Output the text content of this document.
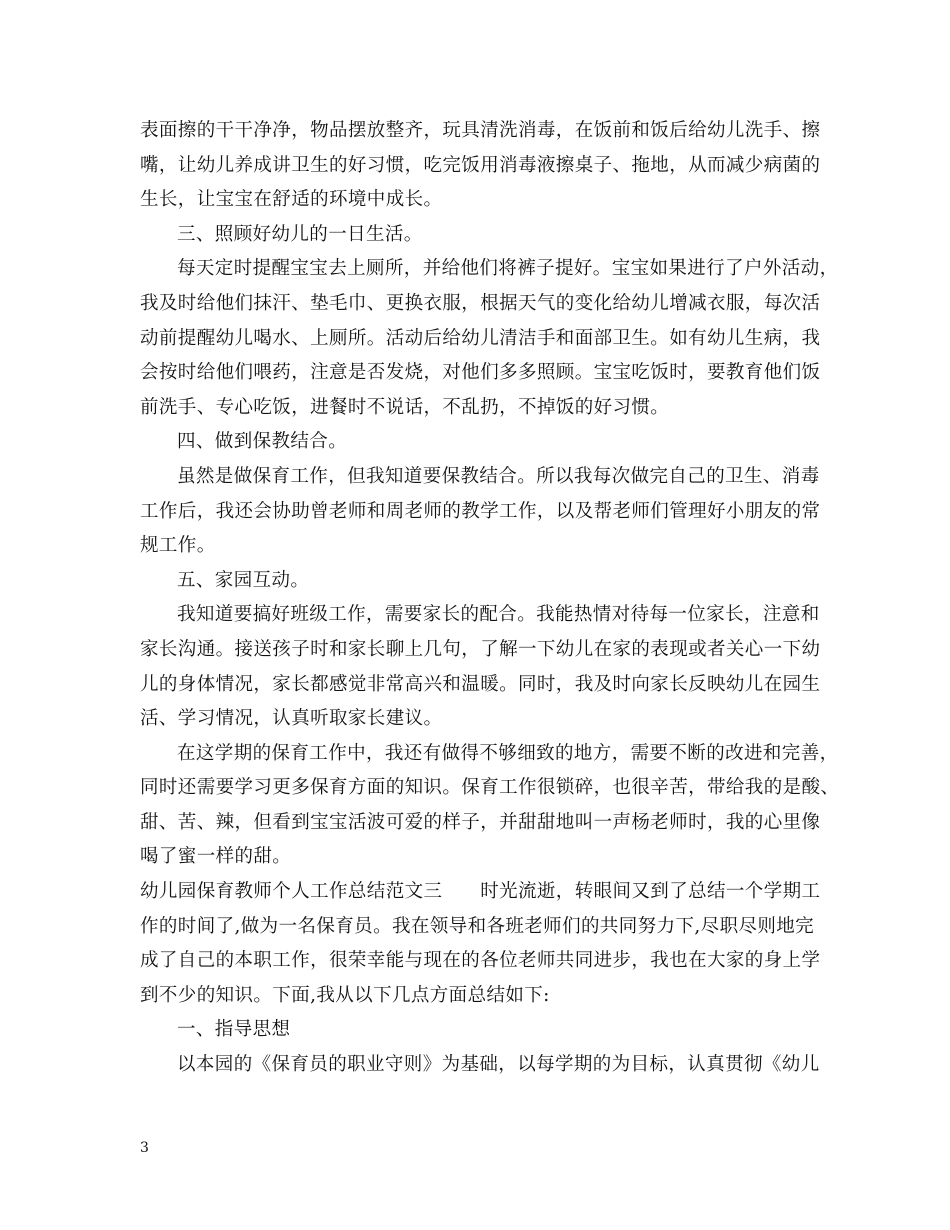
表面擦的干干净净，物品摆放整齐，玩具清洗消毒，在饭前和饭后给幼儿洗手、擦
嘴，让幼儿养成讲卫生的好习惯，吃完饭用消毒液擦桌子、拖地，从而减少病菌的
生长，让宝宝在舒适的环境中成长。
三、照顾好幼儿的一日生活。
每天定时提醒宝宝去上厕所，并给他们将裤子提好。宝宝如果进行了户外活动，
我及时给他们抹汗、垫毛巾、更换衣服，根据天气的变化给幼儿增减衣服，每次活
动前提醒幼儿喝水、上厕所。活动后给幼儿清洁手和面部卫生。如有幼儿生病，我
会按时给他们喂药，注意是否发烧，对他们多多照顾。宝宝吃饭时，要教育他们饭
前洗手、专心吃饭，进餐时不说话，不乱扔，不掉饭的好习惯。
四、做到保教结合。
虽然是做保育工作，但我知道要保教结合。所以我每次做完自己的卫生、消毒
工作后，我还会协助曾老师和周老师的教学工作，以及帮老师们管理好小朋友的常
规工作。
五、家园互动。
我知道要搞好班级工作，需要家长的配合。我能热情对待每一位家长，注意和
家长沟通。接送孩子时和家长聊上几句，了解一下幼儿在家的表现或者关心一下幼
儿的身体情况，家长都感觉非常高兴和温暖。同时，我及时向家长反映幼儿在园生
活、学习情况，认真听取家长建议。
在这学期的保育工作中，我还有做得不够细致的地方，需要不断的改进和完善，
同时还需要学习更多保育方面的知识。保育工作很锁碎，也很辛苦，带给我的是酸、
甜、苦、辣，但看到宝宝活波可爱的样子，并甜甜地叫一声杨老师时，我的心里像
喝了蜜一样的甜。
幼儿园保育教师个人工作总结范文三　　时光流逝，转眼间又到了总结一个学期工
作的时间了,做为一名保育员。我在领导和各班老师们的共同努力下,尽职尽则地完
成了自己的本职工作，很荣幸能与现在的各位老师共同进步，我也在大家的身上学
到不少的知识。下面,我从以下几点方面总结如下:
一、指导思想
以本园的《保育员的职业守则》为基础，以每学期的为目标，认真贯彻《幼儿
3
